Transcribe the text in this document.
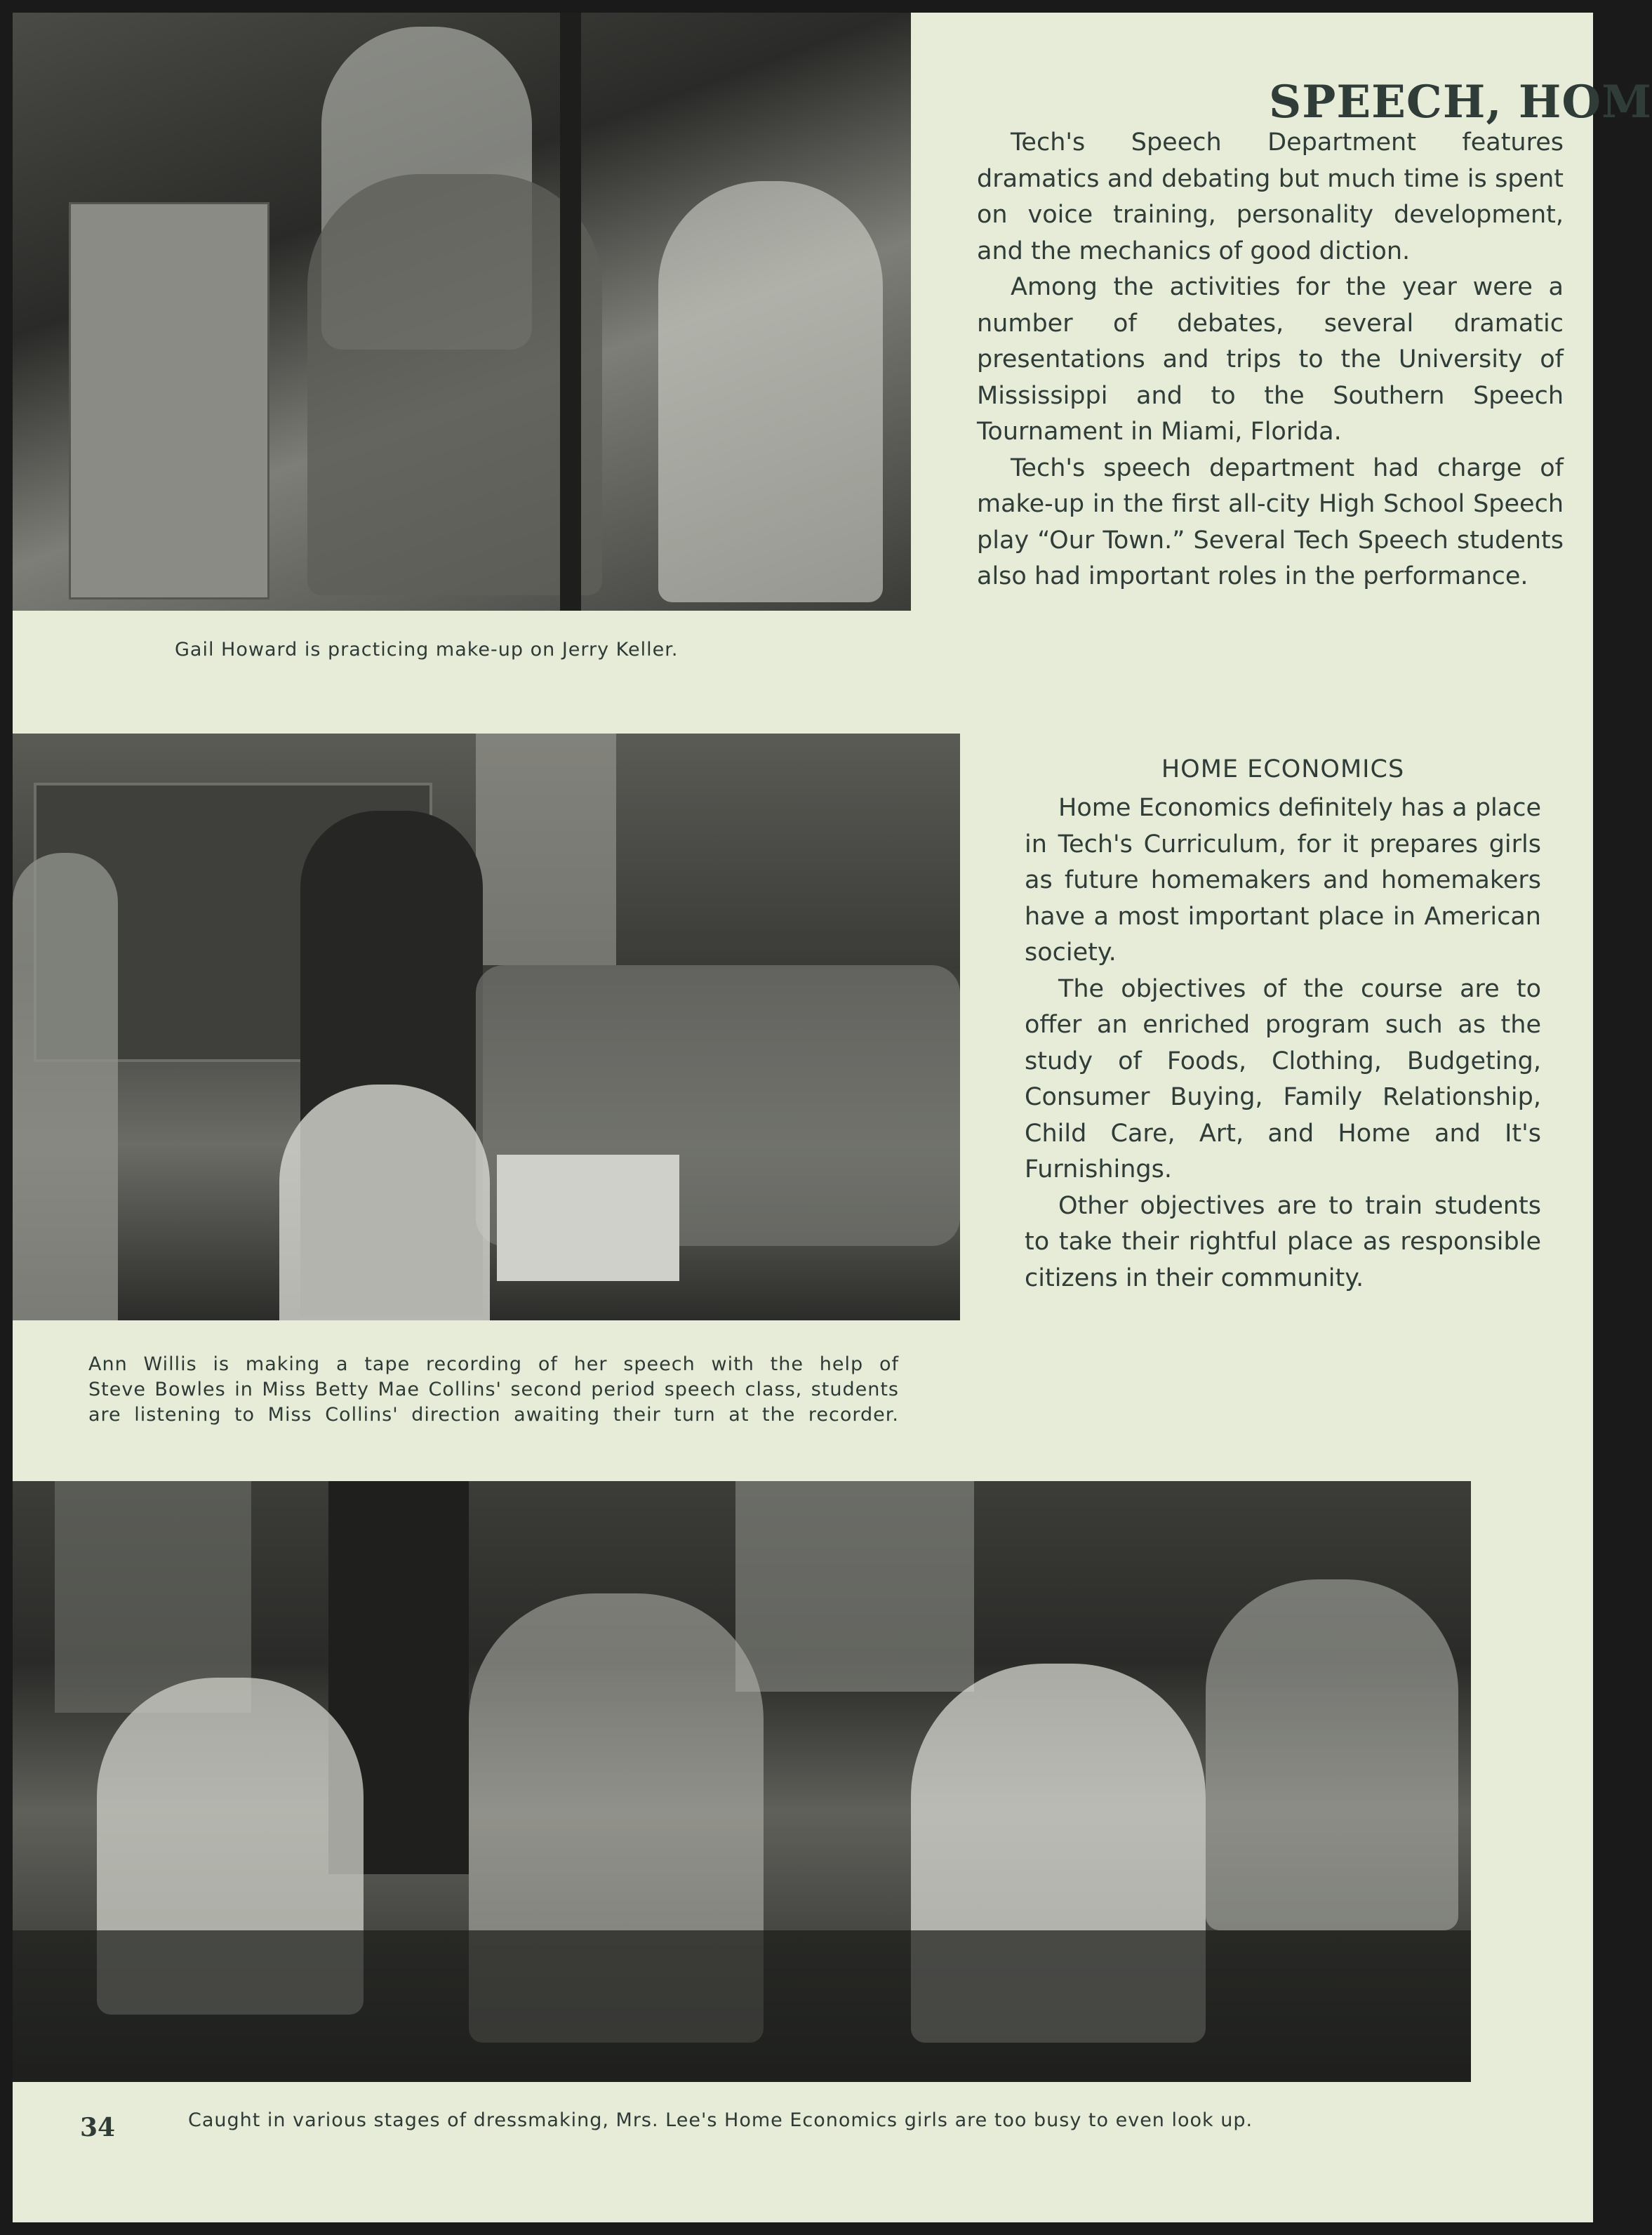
Gail Howard is practicing make-up on Jerry Keller.
SPEECH, HOM

Tech's Speech Department features dramatics and debating but much time is spent on voice training, personality development, and the mechanics of good diction.

Among the activities for the year were a number of debates, several dramatic presentations and trips to the University of Mississippi and to the Southern Speech Tournament in Miami, Florida.

Tech's speech department had charge of make-up in the first all-city High School Speech play “Our Town.” Several Tech Speech students also had important roles in the performance.

Ann Willis is making a tape recording of her speech with the help of
Steve Bowles in Miss Betty Mae Collins' second period speech class, students
are listening to Miss Collins' direction awaiting their turn at the recorder.
HOME ECONOMICS

Home Economics definitely has a place in Tech's Curriculum, for it prepares girls as future homemakers and homemakers have a most important place in American society.

The objectives of the course are to offer an enriched program such as the study of Foods, Clothing, Budgeting, Consumer Buying, Family Relationship, Child Care, Art, and Home and It's Furnishings.

Other objectives are to train students to take their rightful place as responsible citizens in their community.

Caught in various stages of dressmaking, Mrs. Lee's Home Economics girls are too busy to even look up.
34
